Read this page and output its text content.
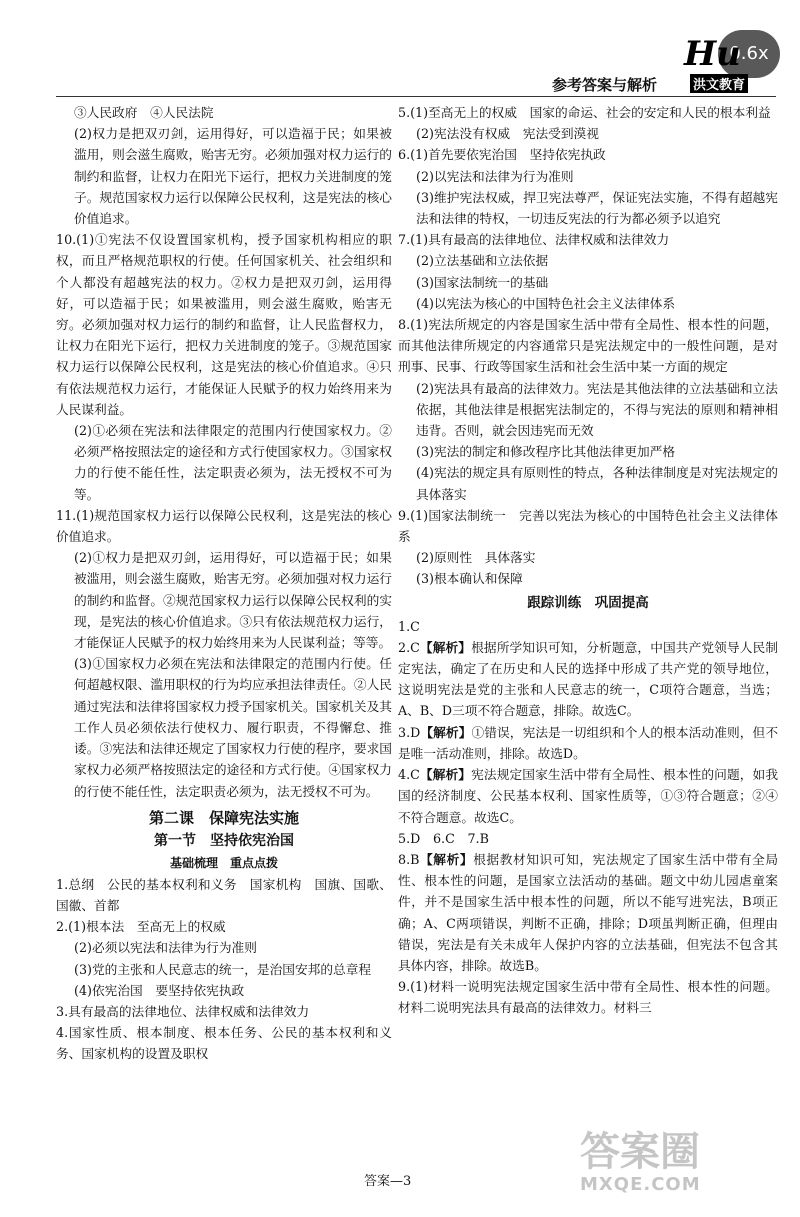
0.6x
Hu
洪文教育
参考答案与解析

③人民政府　④人民法院

(2)权力是把双刃剑，运用得好，可以造福于民；如果被滥用，则会滋生腐败，贻害无穷。必须加强对权力运行的制约和监督，让权力在阳光下运行，把权力关进制度的笼子。规范国家权力运行以保障公民权利，这是宪法的核心价值追求。

10.(1)①宪法不仅设置国家机构，授予国家机构相应的职权，而且严格规范职权的行使。任何国家机关、社会组织和个人都没有超越宪法的权力。②权力是把双刃剑，运用得好，可以造福于民；如果被滥用，则会滋生腐败，贻害无穷。必须加强对权力运行的制约和监督，让人民监督权力，让权力在阳光下运行，把权力关进制度的笼子。③规范国家权力运行以保障公民权利，这是宪法的核心价值追求。④只有依法规范权力运行，才能保证人民赋予的权力始终用来为人民谋利益。

(2)①必须在宪法和法律限定的范围内行使国家权力。②必须严格按照法定的途径和方式行使国家权力。③国家权力的行使不能任性，法定职责必须为，法无授权不可为等。

11.(1)规范国家权力运行以保障公民权利，这是宪法的核心价值追求。

(2)①权力是把双刃剑，运用得好，可以造福于民；如果被滥用，则会滋生腐败，贻害无穷。必须加强对权力运行的制约和监督。②规范国家权力运行以保障公民权利的实现，是宪法的核心价值追求。③只有依法规范权力运行，才能保证人民赋予的权力始终用来为人民谋利益；等等。

(3)①国家权力必须在宪法和法律限定的范围内行使。任何超越权限、滥用职权的行为均应承担法律责任。②人民通过宪法和法律将国家权力授予国家机关。国家机关及其工作人员必须依法行使权力、履行职责，不得懈怠、推诿。③宪法和法律还规定了国家权力行使的程序，要求国家权力必须严格按照法定的途径和方式行使。④国家权力的行使不能任性，法定职责必须为，法无授权不可为。

第二课　保障宪法实施

第一节　坚持依宪治国

基础梳理　重点点拨

1.总纲　公民的基本权利和义务　国家机构　国旗、国歌、国徽、首都

2.(1)根本法　至高无上的权威

(2)必须以宪法和法律为行为准则

(3)党的主张和人民意志的统一，是治国安邦的总章程

(4)依宪治国　要坚持依宪执政

3.具有最高的法律地位、法律权威和法律效力

4.国家性质、根本制度、根本任务、公民的基本权利和义务、国家机构的设置及职权

5.(1)至高无上的权威　国家的命运、社会的安定和人民的根本利益

(2)宪法没有权威　宪法受到漠视

6.(1)首先要依宪治国　坚持依宪执政

(2)以宪法和法律为行为准则

(3)维护宪法权威，捍卫宪法尊严，保证宪法实施，不得有超越宪法和法律的特权，一切违反宪法的行为都必须予以追究

7.(1)具有最高的法律地位、法律权威和法律效力

(2)立法基础和立法依据

(3)国家法制统一的基础

(4)以宪法为核心的中国特色社会主义法律体系

8.(1)宪法所规定的内容是国家生活中带有全局性、根本性的问题，而其他法律所规定的内容通常只是宪法规定中的一般性问题，是对刑事、民事、行政等国家生活和社会生活中某一方面的规定

(2)宪法具有最高的法律效力。宪法是其他法律的立法基础和立法依据，其他法律是根据宪法制定的，不得与宪法的原则和精神相违背。否则，就会因违宪而无效

(3)宪法的制定和修改程序比其他法律更加严格

(4)宪法的规定具有原则性的特点，各种法律制度是对宪法规定的具体落实

9.(1)国家法制统一　完善以宪法为核心的中国特色社会主义法律体系

(2)原则性　具体落实

(3)根本确认和保障

跟踪训练　巩固提高

1.C

2.C【解析】根据所学知识可知，分析题意，中国共产党领导人民制定宪法，确定了在历史和人民的选择中形成了共产党的领导地位，这说明宪法是党的主张和人民意志的统一，C项符合题意，当选；A、B、D三项不符合题意，排除。故选C。

3.D【解析】①错误，宪法是一切组织和个人的根本活动准则，但不是唯一活动准则，排除。故选D。

4.C【解析】宪法规定国家生活中带有全局性、根本性的问题，如我国的经济制度、公民基本权利、国家性质等，①③符合题意；②④不符合题意。故选C。

5.D　6.C　7.B

8.B【解析】根据教材知识可知，宪法规定了国家生活中带有全局性、根本性的问题，是国家立法活动的基础。题文中幼儿园虐童案件，并不是国家生活中根本性的问题，所以不能写进宪法，B项正确；A、C两项错误，判断不正确，排除；D项虽判断正确，但理由错误，宪法是有关未成年人保护内容的立法基础，但宪法不包含其具体内容，排除。故选B。

9.(1)材料一说明宪法规定国家生活中带有全局性、根本性的问题。材料二说明宪法具有最高的法律效力。材料三

答案—3
答案圈
MXQE.COM
